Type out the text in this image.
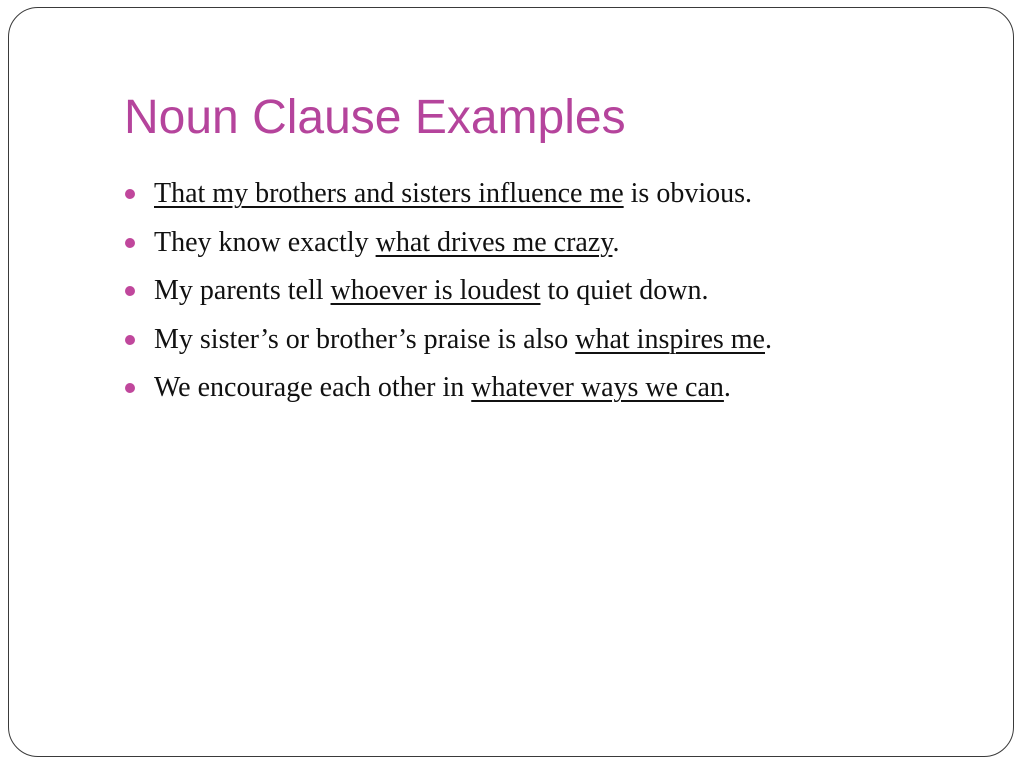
Noun Clause Examples
That my brothers and sisters influence me is obvious.
They know exactly what drives me crazy.
My parents tell whoever is loudest to quiet down.
My sister’s or brother’s praise is also what inspires me.
We encourage each other in whatever ways we can.
